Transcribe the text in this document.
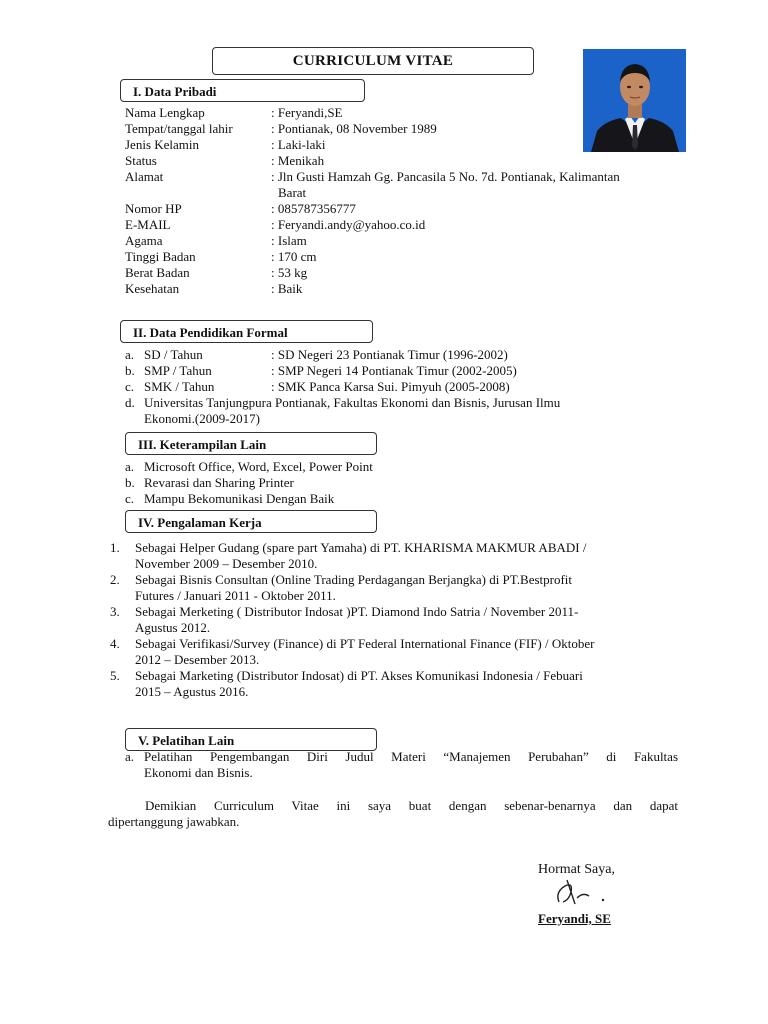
CURRICULUM VITAE
I. Data Pribadi
Nama Lengkap	: Feryandi,SE
Tempat/tanggal lahir	: Pontianak, 08 November 1989
Jenis Kelamin	: Laki-laki
Status	: Menikah
Alamat	: Jln Gusti Hamzah Gg. Pancasila 5 No. 7d. Pontianak, Kalimantan
Barat
Nomor HP	: 085787356777
E-MAIL	: Feryandi.andy@yahoo.co.id
Agama	: Islam
Tinggi Badan	: 170 cm
Berat Badan	: 53 kg
Kesehatan	: Baik
II. Data Pendidikan Formal
a. SD / Tahun	: SD Negeri 23 Pontianak Timur (1996-2002)
b. SMP / Tahun	: SMP Negeri 14 Pontianak Timur (2002-2005)
c. SMK / Tahun	: SMK Panca Karsa Sui. Pimyuh (2005-2008)
d. Universitas Tanjungpura Pontianak, Fakultas Ekonomi dan Bisnis, Jurusan Ilmu
Ekonomi.(2009-2017)
III. Keterampilan Lain
a. Microsoft Office, Word, Excel, Power Point
b. Revarasi dan Sharing Printer
c. Mampu Bekomunikasi Dengan Baik
IV. Pengalaman Kerja
1. Sebagai Helper Gudang (spare part Yamaha) di PT. KHARISMA MAKMUR ABADI /
November 2009 – Desember 2010.
2. Sebagai Bisnis Consultan (Online Trading Perdagangan Berjangka) di PT.Bestprofit
Futures / Januari 2011 - Oktober 2011.
3. Sebagai Merketing ( Distributor Indosat )PT. Diamond Indo Satria / November 2011-
Agustus 2012.
4. Sebagai Verifikasi/Survey (Finance) di PT Federal International Finance (FIF) / Oktober
2012 – Desember 2013.
5. Sebagai Marketing (Distributor Indosat) di PT. Akses Komunikasi Indonesia / Febuari
2015 – Agustus 2016.
V. Pelatihan Lain
a. Pelatihan Pengembangan Diri Judul Materi “Manajemen Perubahan” di Fakultas
Ekonomi dan Bisnis.
Demikian Curriculum Vitae ini saya buat dengan sebenar-benarnya dan dapat
dipertanggung jawabkan.
Hormat Saya,
Feryandi, SE
